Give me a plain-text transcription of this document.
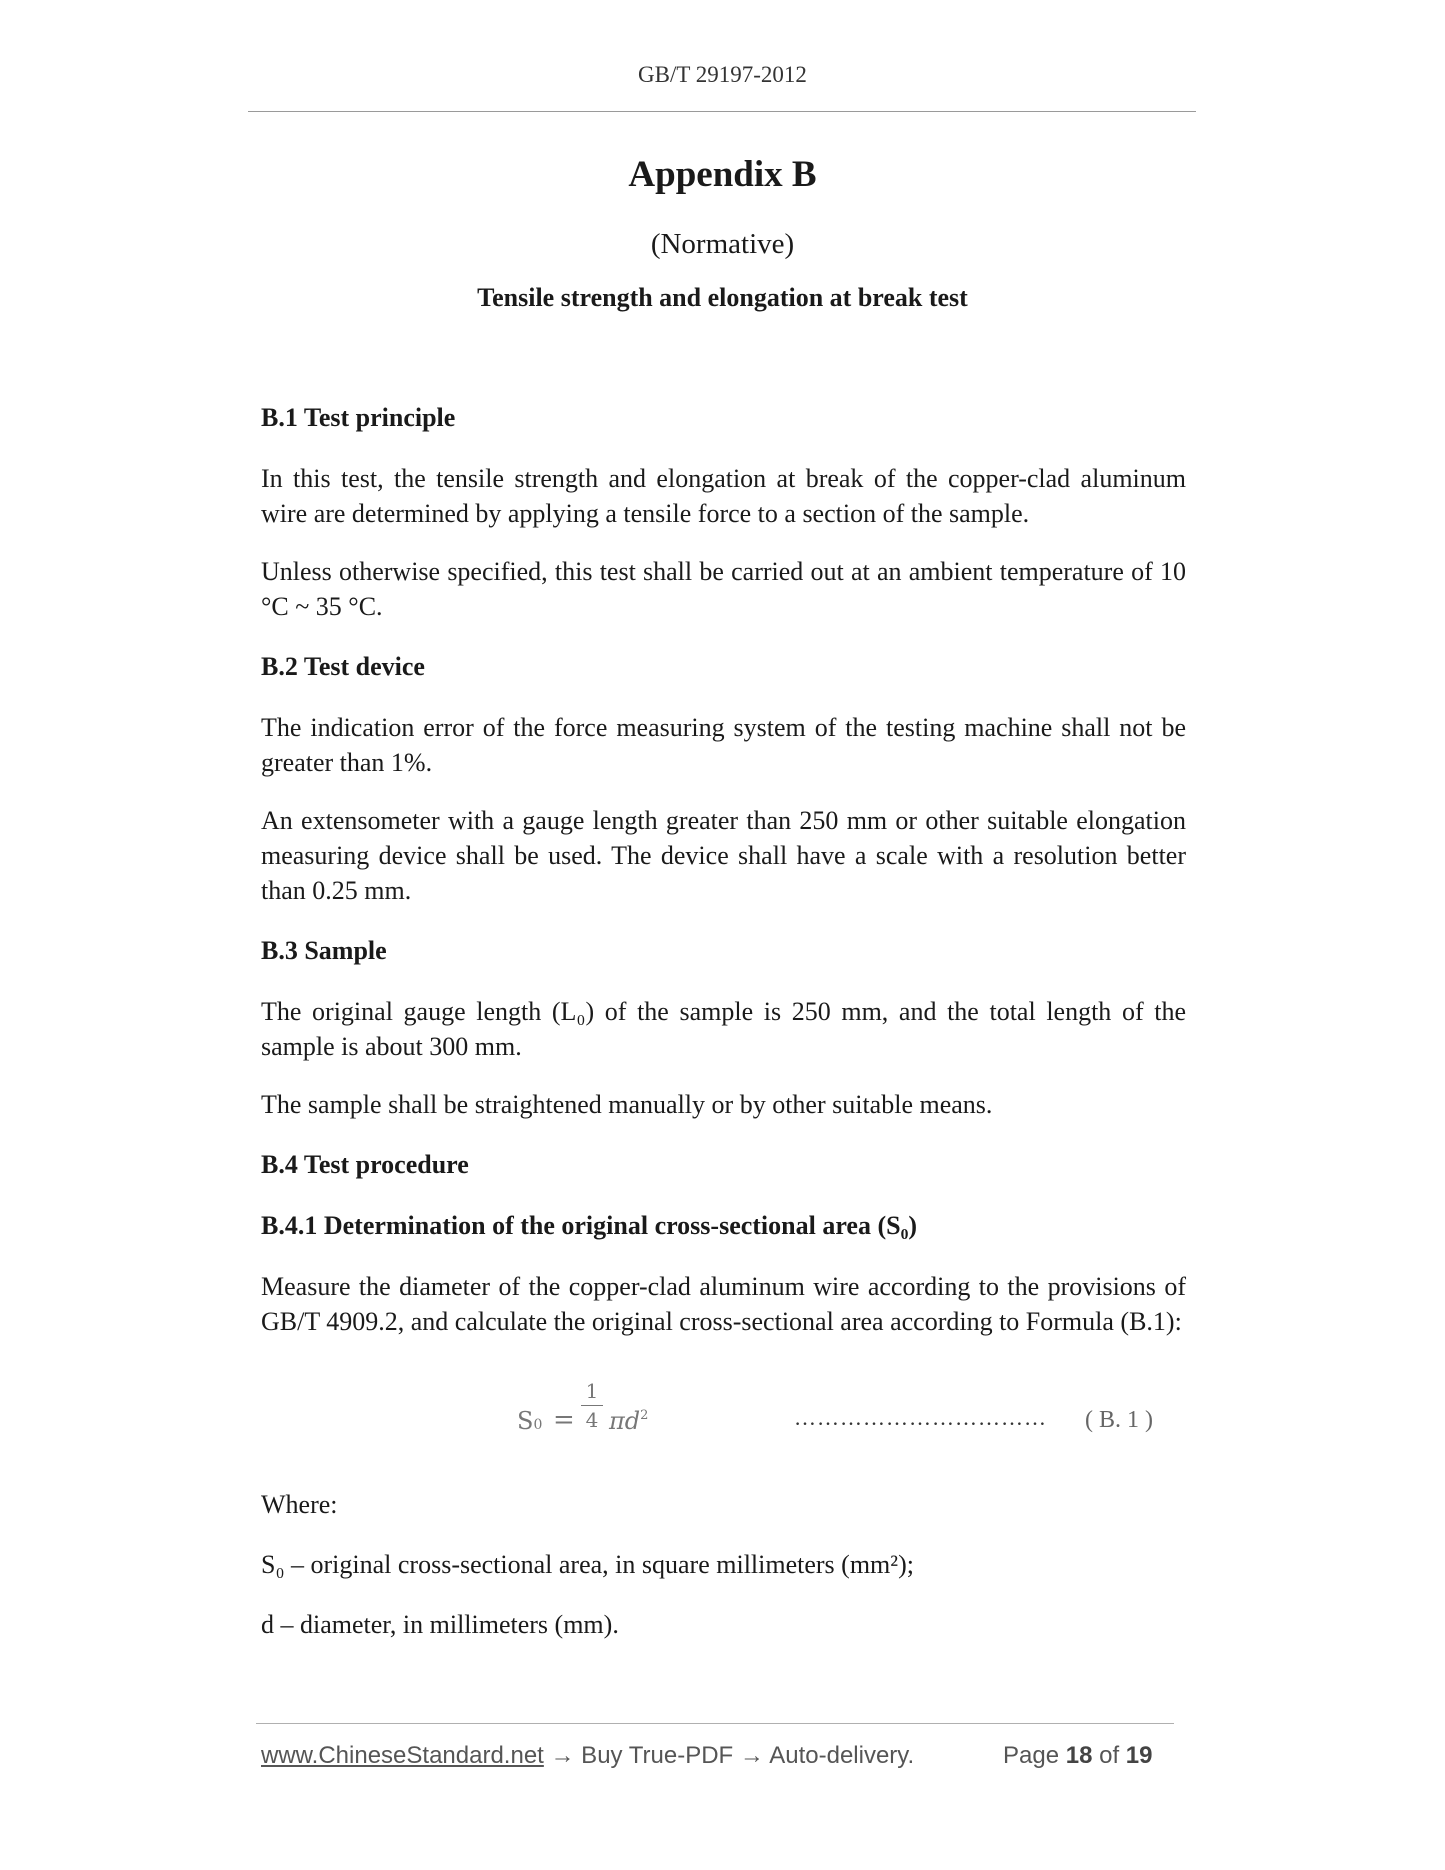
GB/T 29197-2012
Appendix B
(Normative)
Tensile strength and elongation at break test

B.1 Test principle

In this test, the tensile strength and elongation at break of the copper-clad aluminum wire are determined by applying a tensile force to a section of the sample.

Unless otherwise specified, this test shall be carried out at an ambient temperature of 10 °C ~ 35 °C.

B.2 Test device

The indication error of the force measuring system of the testing machine shall not be greater than 1%.

An extensometer with a gauge length greater than 250 mm or other suitable elongation measuring device shall be used. The device shall have a scale with a resolution better than 0.25 mm.

B.3 Sample

The original gauge length (L₀) of the sample is 250 mm, and the total length of the sample is about 300 mm.

The sample shall be straightened manually or by other suitable means.

B.4 Test procedure

B.4.1 Determination of the original cross-sectional area (S₀)

Measure the diameter of the copper-clad aluminum wire according to the provisions of GB/T 4909.2, and calculate the original cross-sectional area according to Formula (B.1):

S0 =
1
4 $\pi d^2$	…………………………… ( B. 1 )

Where:

S₀ – original cross-sectional area, in square millimeters (mm²);

d – diameter, in millimeters (mm).

www.ChineseStandard.net → Buy True-PDF → Auto-delivery.	Page 18 of 19
